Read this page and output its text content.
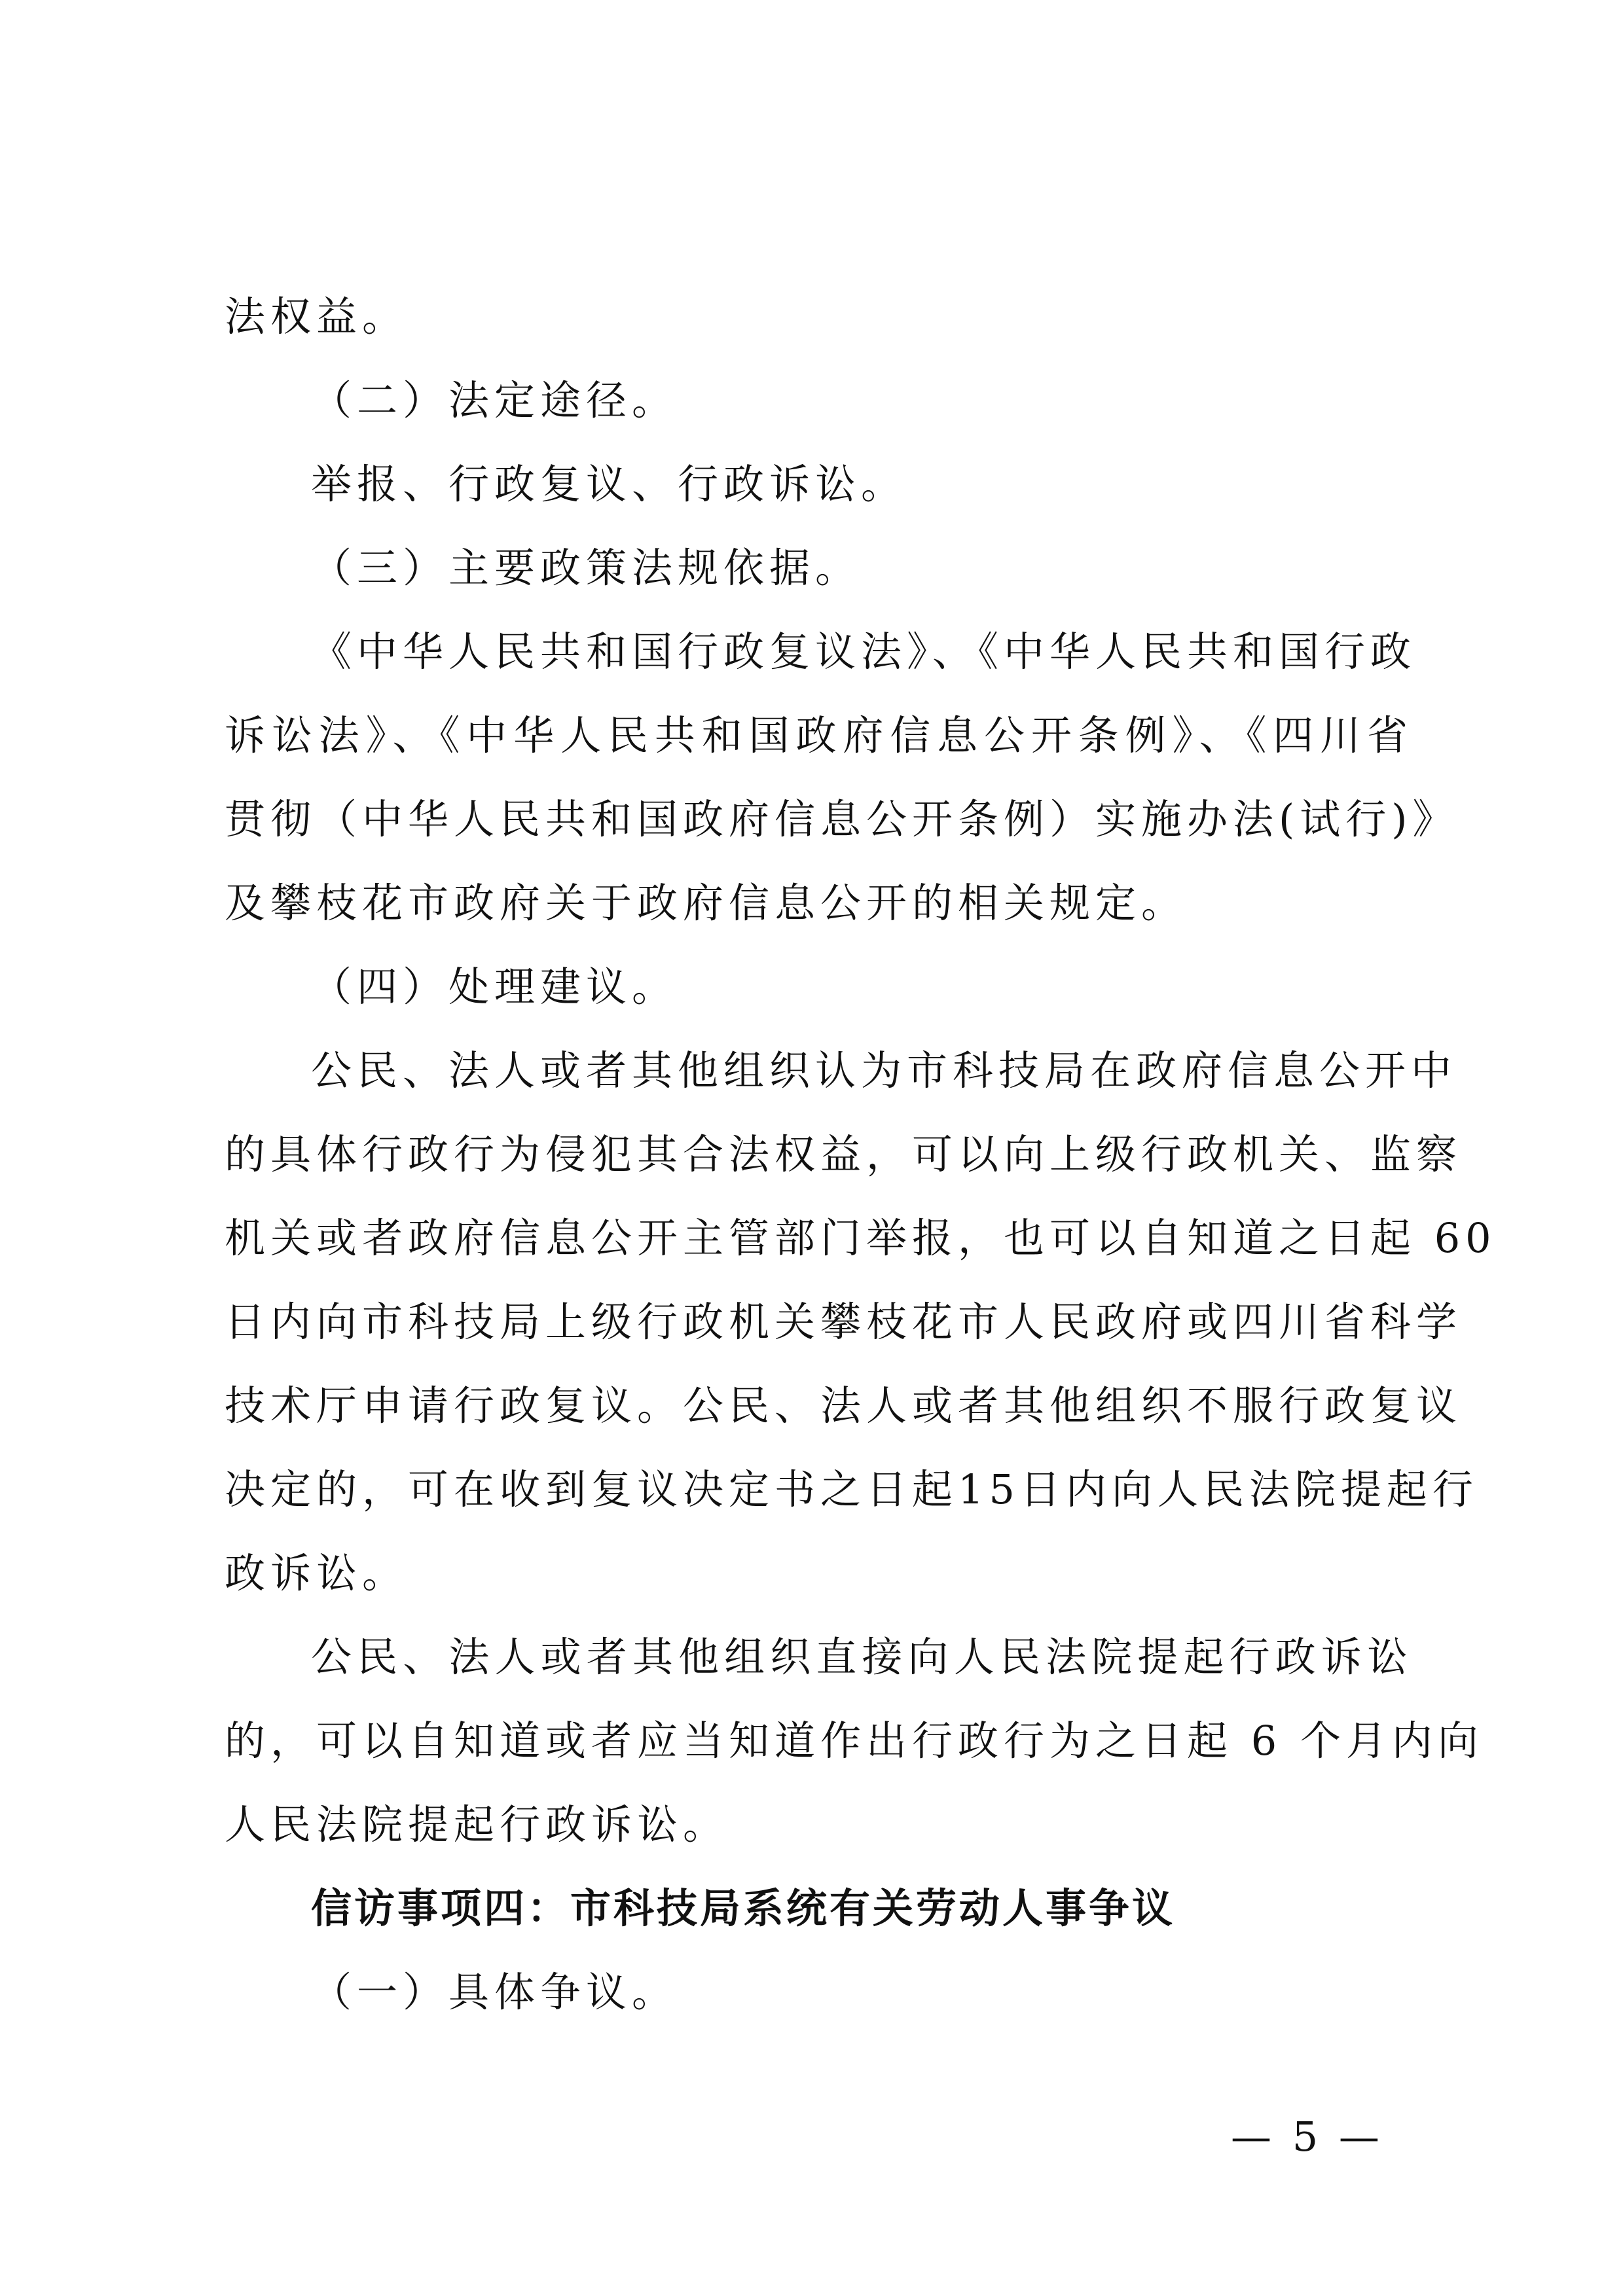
法权益。

（二）法定途径。

举报、行政复议、行政诉讼。

（三）主要政策法规依据。

《中华人民共和国行政复议法》、《中华人民共和国行政

诉讼法》、《中华人民共和国政府信息公开条例》、《四川省

贯彻（中华人民共和国政府信息公开条例）实施办法(试行)》

及攀枝花市政府关于政府信息公开的相关规定。

（四）处理建议。

公民、法人或者其他组织认为市科技局在政府信息公开中

的具体行政行为侵犯其合法权益，可以向上级行政机关、监察

机关或者政府信息公开主管部门举报，也可以自知道之日起 60

日内向市科技局上级行政机关攀枝花市人民政府或四川省科学

技术厅申请行政复议。公民、法人或者其他组织不服行政复议

决定的，可在收到复议决定书之日起15日内向人民法院提起行

政诉讼。

公民、法人或者其他组织直接向人民法院提起行政诉讼

的，可以自知道或者应当知道作出行政行为之日起 6 个月内向

人民法院提起行政诉讼。

信访事项四：市科技局系统有关劳动人事争议

（一）具体争议。

— 5 —
